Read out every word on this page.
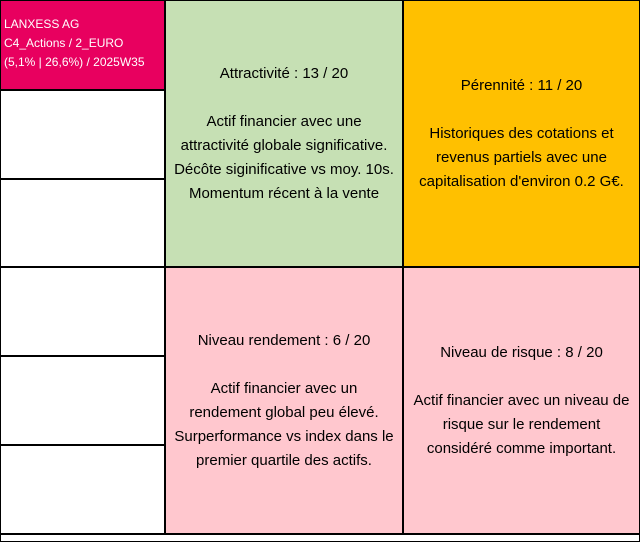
LANXESS AG
C4_Actions / 2_EURO
(5,1% | 26,6%) / 2025W35
Attractivité : 13 / 20
Actif financier avec une
attractivité globale significative.
Décôte siginificative vs moy. 10s.
Momentum récent à la vente
Pérennité : 11 / 20
Historiques des cotations et
revenus partiels avec une
capitalisation d'environ 0.2 G€.
Niveau rendement : 6 / 20
Actif financier avec un
rendement global peu élevé.
Surperformance vs index dans le
premier quartile des actifs.
Niveau de risque : 8 / 20
Actif financier avec un niveau de
risque sur le rendement
considéré comme important.
